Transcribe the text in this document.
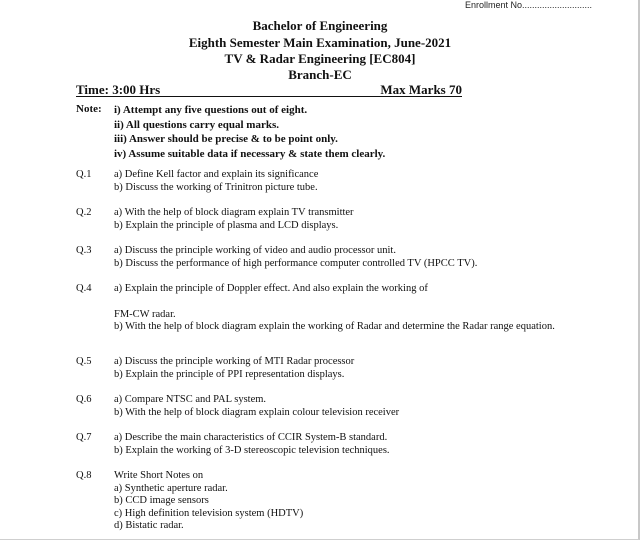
Enrollment No............................
Bachelor of Engineering
Eighth Semester Main Examination, June-2021
TV & Radar Engineering [EC804]
Branch-EC
Time: 3:00 Hrs	Max Marks 70
Note: i) Attempt any five questions out of eight.
ii) All questions carry equal marks.
iii) Answer should be precise & to be point only.
iv) Assume suitable data if necessary & state them clearly.
Q.1 a) Define Kell factor and explain its significance
b) Discuss the working of Trinitron picture tube.
Q.2 a) With the help of block diagram explain TV transmitter
b) Explain the principle of plasma and LCD displays.
Q.3 a) Discuss the principle working of video and audio processor unit.
b) Discuss the performance of high performance computer controlled TV (HPCC TV).
Q.4 a) Explain the principle of Doppler effect. And also explain the working of
FM-CW radar.
b) With the help of block diagram explain the working of Radar and determine the Radar range equation.
Q.5 a) Discuss the principle working of MTI Radar processor
b) Explain the principle of PPI representation displays.
Q.6 a) Compare NTSC and PAL system.
b) With the help of block diagram explain colour television receiver
Q.7 a) Describe the main characteristics of CCIR System-B standard.
b) Explain the working of 3-D stereoscopic television techniques.
Q.8 Write Short Notes on
a) Synthetic aperture radar.
b) CCD image sensors
c) High definition television system (HDTV)
d) Bistatic radar.
